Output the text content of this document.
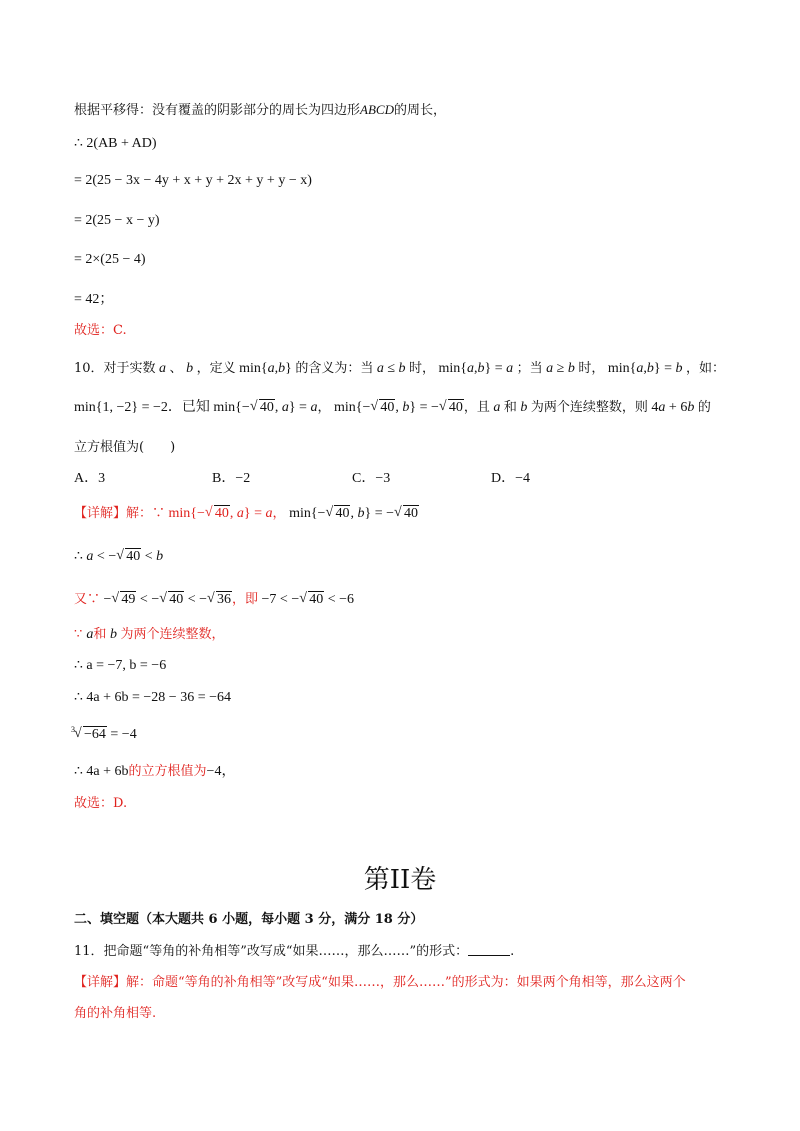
根据平移得：没有覆盖的阴影部分的周长为四边形ABCD的周长，
∴ 2(AB + AD)
= 2(25 − 3x − 4y + x + y + 2x + y + y − x)
= 2(25 − x − y)
= 2×(25 − 4)
= 42；
故选：C.
10．对于实数 a 、 b ，定义 min{a,b} 的含义为：当 a ≤ b 时， min{a,b} = a ；当 a ≥ b 时， min{a,b} = b ，如：
min{1, −2} = −2．已知 min{− √ 40, a} = a， min{− √ 40, b} = − √ 40，且 a 和 b 为两个连续整数，则 4a + 6b 的
立方根值为(　　)
A．3	B．−2	C．−3	D．−4
【详解】解：∵ min{− √ 40, a} = a， min{− √ 40, b} = − √ 40
∴ a < − √ 40 < b
又∵ − √ 49 < − √ 40 < − √ 36，即 −7 < − √ 40 < −6
∵ a和 b 为两个连续整数，
∴ a = −7, b = −6
∴ 4a + 6b = −28 − 36 = −64
3 √ −64 = −4
∴ 4a + 6b的立方根值为−4，
故选：D.
第II卷
二、填空题（本大题共 6 小题，每小题 3 分，满分 18 分）
11．把命题“等角的补角相等”改写成“如果……，那么……”的形式：	.
【详解】解：命题“等角的补角相等”改写成“如果……，那么……”的形式为：如果两个角相等，那么这两个
角的补角相等.
